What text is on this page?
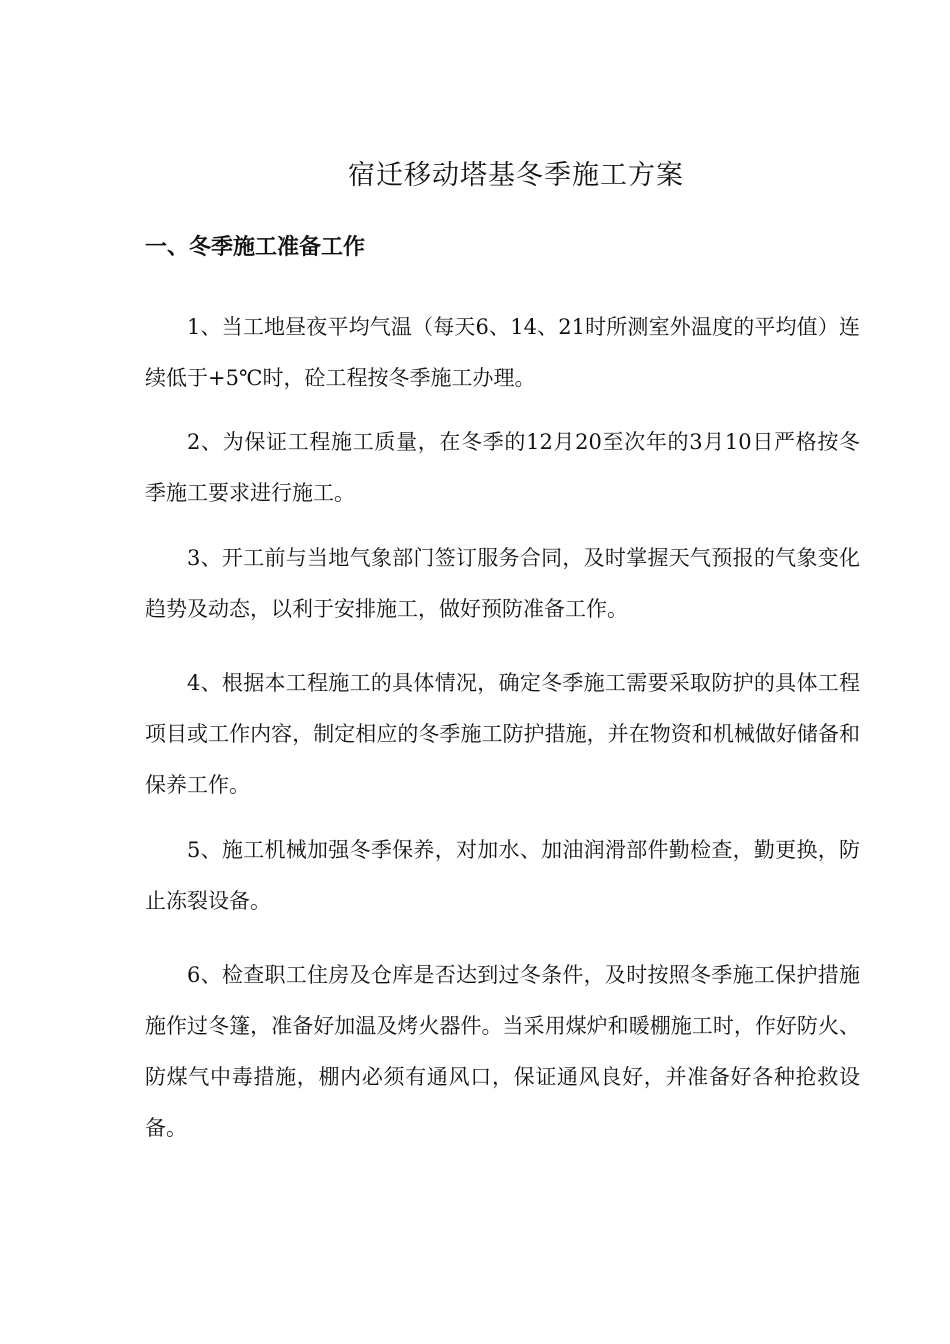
宿迁移动塔基冬季施工方案
一、冬季施工准备工作

1、当工地昼夜平均气温（每天6、14、21时所测室外温度的平均值）连续低于+5℃时，砼工程按冬季施工办理。

2、为保证工程施工质量，在冬季的12月20至次年的3月10日严格按冬季施工要求进行施工。

3、开工前与当地气象部门签订服务合同，及时掌握天气预报的气象变化趋势及动态，以利于安排施工，做好预防准备工作。

4、根据本工程施工的具体情况，确定冬季施工需要采取防护的具体工程项目或工作内容，制定相应的冬季施工防护措施，并在物资和机械做好储备和保养工作。

5、施工机械加强冬季保养，对加水、加油润滑部件勤检查，勤更换，防止冻裂设备。

6、检查职工住房及仓库是否达到过冬条件，及时按照冬季施工保护措施施作过冬篷，准备好加温及烤火器件。当采用煤炉和暖棚施工时，作好防火、防煤气中毒措施，棚内必须有通风口，保证通风良好，并准备好各种抢救设备。
